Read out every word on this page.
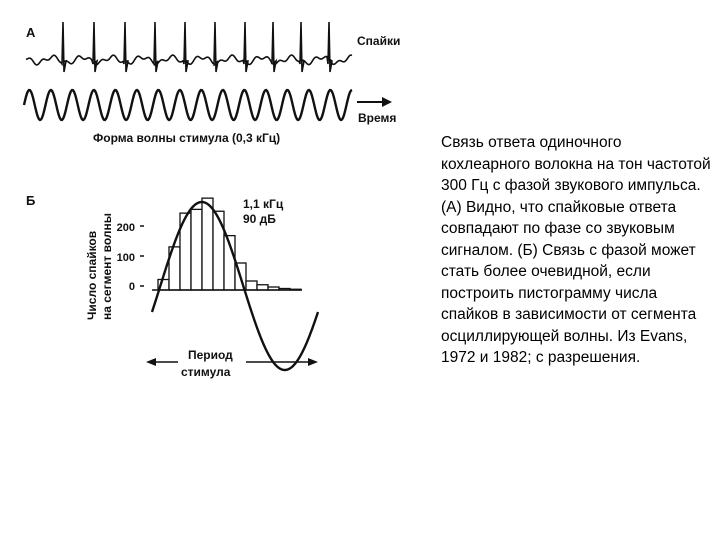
А
Спайки
Время
Форма волны стимула (0,3 кГц)
Б
Число спайков на сегмент волны 200
100
0
1,1 кГц
90 дБ
Период
стимула
Связь ответа одиночного кохлеарного волокна на тон частотой 300 Гц с фазой звукового импульса. (А) Видно, что спайковые ответа совпадают по фазе со звуковым сигналом. (Б) Связь с фазой может стать более очевидной, если построить пистограмму числа спайков в зависимости от сегмента осциллирующей волны. Из Evans, 1972 и 1982; с разрешения.
